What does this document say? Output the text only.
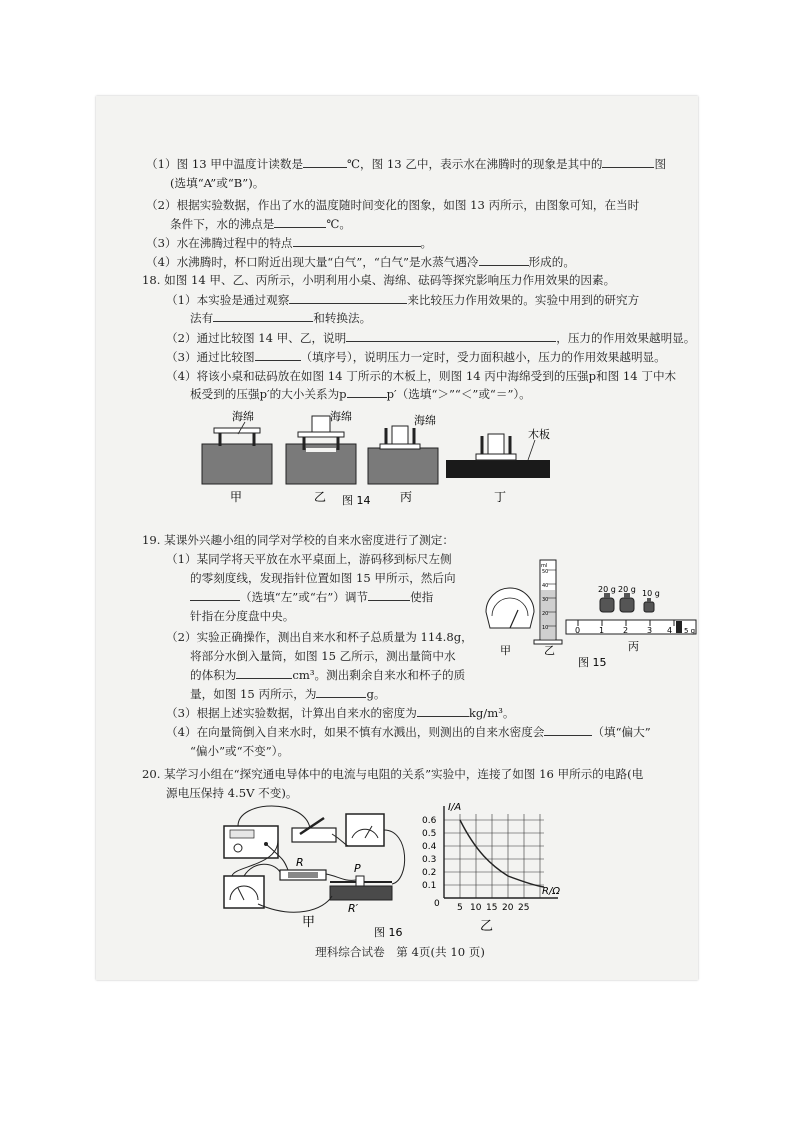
（1）图 13 甲中温度计读数是	℃，图 13 乙中，表示水在沸腾时的现象是其中的	图
(选填“A”或“B”)。
（2）根据实验数据，作出了水的温度随时间变化的图象，如图 13 丙所示，由图象可知，在当时
条件下，水的沸点是	℃。
（3）水在沸腾过程中的特点	。
（4）水沸腾时，杯口附近出现大量“白气”，“白气”是水蒸气遇冷	形成的。
18. 如图 14 甲、乙、丙所示，小明利用小桌、海绵、砝码等探究影响压力作用效果的因素。
（1）本实验是通过观察	来比较压力作用效果的。实验中用到的研究方
法有	和转换法。
（2）通过比较图 14 甲、乙，说明	，压力的作用效果越明显。
（3）通过比较图	（填序号），说明压力一定时，受力面积越小，压力的作用效果越明显。
（4）将该小桌和砝码放在如图 14 丁所示的木板上，则图 14 丙中海绵受到的压强p和图 14 丁中木
板受到的压强p′的大小关系为p	p′（选填“＞”“＜”或“＝”）。
海绵	海绵	海绵
木板
甲	乙 图 14 丙	丁
19. 某课外兴趣小组的同学对学校的自来水密度进行了测定：
（1）某同学将天平放在水平桌面上，游码移到标尺左侧
的零刻度线，发现指针位置如图 15 甲所示，然后向
（选填“左”或“右”）调节	使指
针指在分度盘中央。
（2）实验正确操作，测出自来水和杯子总质量为 114.8g，
将部分水倒入量筒，如图 15 乙所示，测出量筒中水
的体积为	cm³。测出剩余自来水和杯子的质
量，如图 15 丙所示，为	g。
（3）根据上述实验数据，计算出自来水的密度为	kg/m³。
（4）在向量筒倒入自来水时，如果不慎有水溅出，则测出的自来水密度会	（填“偏大”
“偏小”或“不变”）。
甲
ml
50
40
30
20
10
乙
20 g 20 g 10 g
0 1 2 3 4 5 g
丙
图 15
20. 某学习小组在“探究通电导体中的电流与电阻的关系”实验中，连接了如图 16 甲所示的电路(电
源电压保持 4.5V 不变)。
R	P
R′
甲
图 16
I/A
R/Ω
0.6
0.5
0.4
0.3
0.2
0.1
0 5 10 15 20 25
乙
理科综合试卷　第 4页(共 10 页)
